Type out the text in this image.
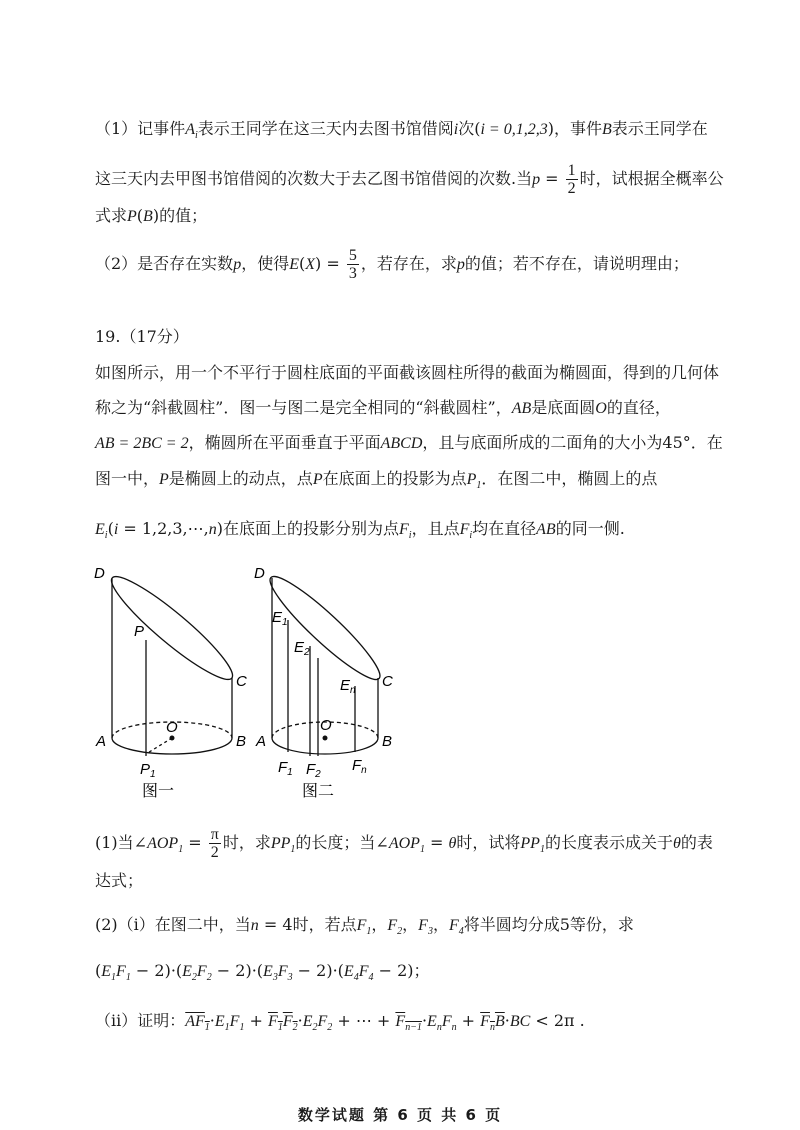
（1）记事件$A_i$表示王同学在这三天内去图书馆借阅i次(i = 0,1,2,3)，事件B表示王同学在
这三天内去甲图书馆借阅的次数大于去乙图书馆借阅的次数.当$p = \frac{1}{2}$ 时，试根据全概率公
式求P(B)的值；
（2）是否存在实数p，使得$E(X) = \frac{5}{3}$ ，若存在，求p的值；若不存在，请说明理由；
19.（17分）
如图所示，用一个不平行于圆柱底面的平面截该圆柱所得的截面为椭圆面，得到的几何体
称之为“斜截圆柱”．图一与图二是完全相同的“斜截圆柱”，AB是底面圆O的直径，
AB = 2BC = 2，椭圆所在平面垂直于平面ABCD，且与底面所成的二面角的大小为45°．在
图一中，P是椭圆上的动点，点P在底面上的投影为点$P_1$．在图二中，椭圆上的点
$E_i(i$ = 1,2,3,⋯,n)在底面上的投影分别为点$F_i$，且点$F_i$均在直径AB的同一侧.
D
P
C
O
A	B
$P_1$
图一
D
$E_1$
$E_2$
$E_n$
C
O
A	B
$F_1$ $F_2$
$F_n$
图二
(1)当$\angle AOP_1 = \frac{\pi}{2}$ 时，求$PP_1$的长度；当$\angle AOP_1 = \theta$时，试将$PP_1$的长度表示成关于θ的表
达式；
(2)（i）在图二中，当n = 4时，若点$F_1$，$F_2$，$F_3$，$F_4$将半圆均分成5等份，求
$(E_1F_1 - 2)\cdot(E_2F_2 - 2)\cdot(E_3F_3 - 2)\cdot(E_4F_4 - 2)$；
（ii）证明：$AF_1\cdot E_1F_1 + F_1F_2\cdot E_2F_2$ + ⋯ + $F_{n-1}\cdot E_nF_n + F_nB\cdot BC < 2\pi$ .
数学试题 第 6 页 共 6 页
